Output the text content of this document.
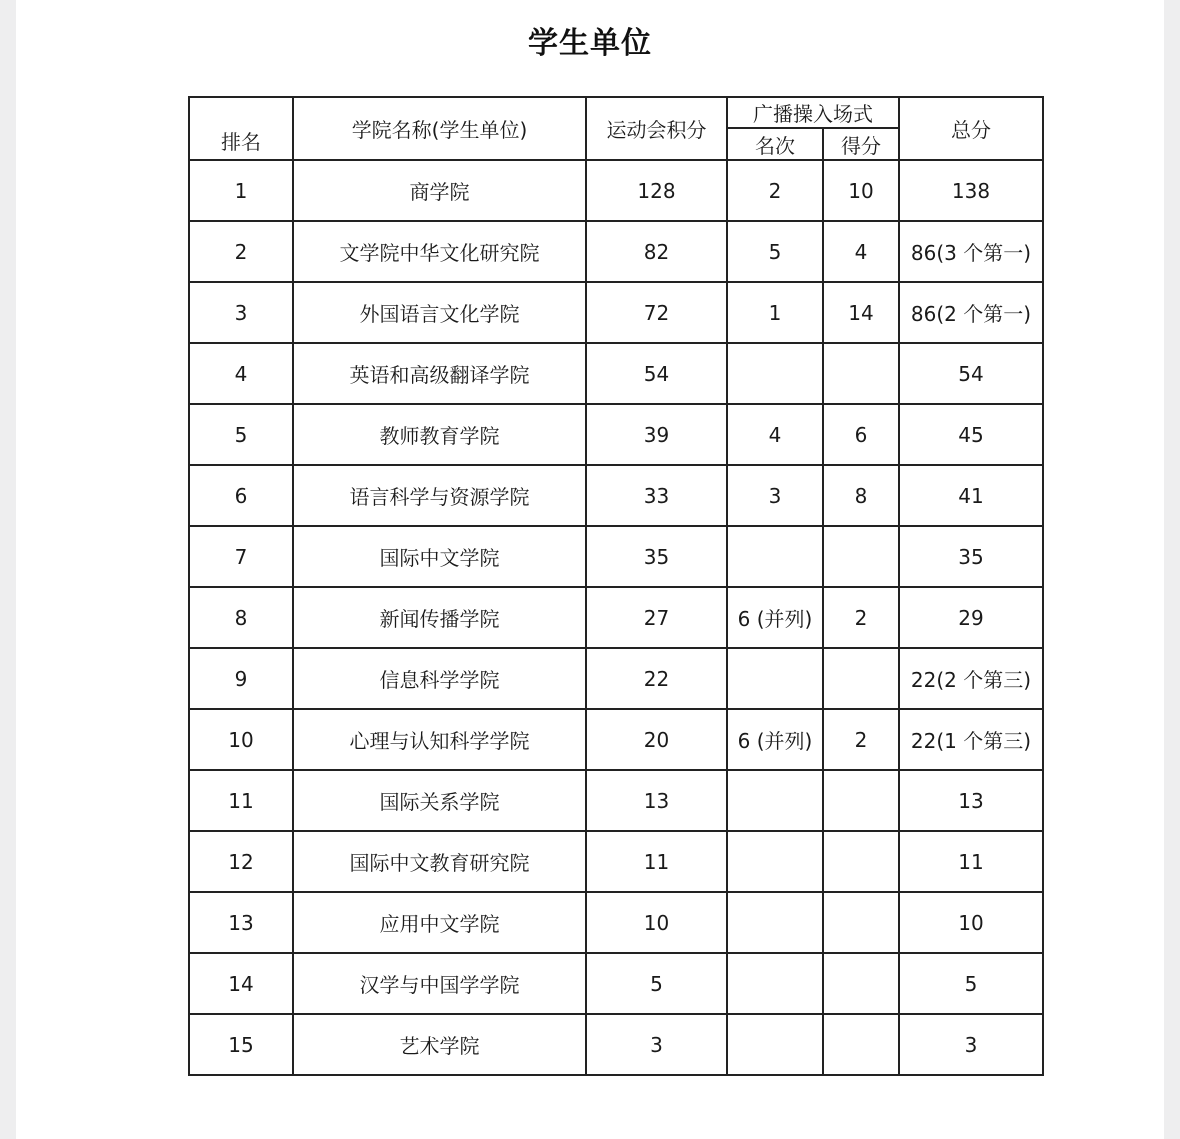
学生单位
排名	学院名称(学生单位)	运动会积分	广播操入场式		总分
			名次	得分	
1	商学院	128	2	10	138
2	文学院中华文化研究院	82	5	4	86(3 个第一)
3	外国语言文化学院	72	1	14	86(2 个第一)
4	英语和高级翻译学院	54			54
5	教师教育学院	39	4	6	45
6	语言科学与资源学院	33	3	8	41
7	国际中文学院	35			35
8	新闻传播学院	27	6 (并列)	2	29
9	信息科学学院	22			22(2 个第三)
10	心理与认知科学学院	20	6 (并列)	2	22(1 个第三)
11	国际关系学院	13			13
12	国际中文教育研究院	11			11
13	应用中文学院	10			10
14	汉学与中国学学院	5			5
15	艺术学院	3			3
